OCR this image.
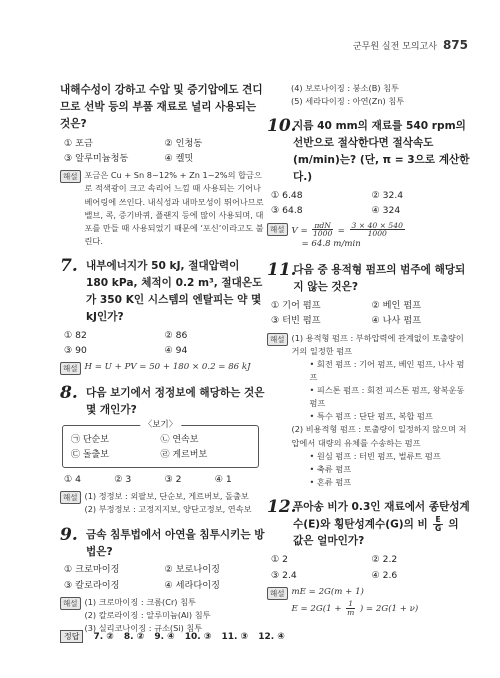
군무원 실전 모의고사 875
내해수성이 강하고 수압 및 증기압에도 견디므로 선박 등의 부품 재료로 널리 사용되는 것은?
① 포금	② 인청동
③ 알루미늄청동	④ 켈밋
해설 포금은 Cu + Sn 8~12% + Zn 1~2%의 합금으로 적색광이 크고 속리어 느낌 때 사용되는 기어나 베어링에 쓰인다. 내식성과 내마모성이 뛰어나므로 밸브, 콕, 증기바퀴, 플랜지 등에 많이 사용되며, 대포를 만들 때 사용되었기 때문에 ‘포신’이라고도 불린다.
7. 내부에너지가 50 kJ, 절대압력이 180 kPa, 체적이 0.2 m³, 절대온도가 350 K인 시스템의 엔탈피는 약 몇 kJ인가?
① 82	② 86
③ 90	④ 94
해설 H = U + PV = 50 + 180 × 0.2 = 86 kJ
8. 다음 보기에서 정정보에 해당하는 것은 몇 개인가?
〈보기〉
㉠ 단순보	㉡ 연속보
㉢ 돌출보	㉣ 게르버보
① 4	② 3	③ 2	④ 1
해설 (1) 정정보 : 외팔보, 단순보, 게르버보, 돌출보
(2) 부정정보 : 고정지지보, 양단고정보, 연속보
9. 금속 침투법에서 아연을 침투시키는 방법은?
① 크로마이징	② 보로나이징
③ 칼로라이징	④ 세라다이징
해설 (1) 크로마이징 : 크롬(Cr) 침투
(2) 칼로라이징 : 알루미늄(Al) 침투
(3) 실리코나이징 : 규소(Si) 침투
(4) 보로나이징 : 붕소(B) 침투
(5) 세라다이징 : 아연(Zn) 침투
10.
지름 40 mm의 재료를 540 rpm의 선반으로 절삭한다면 절삭속도(m/min)는? (단, π = 3으로 계산한다.)
① 6.48	② 32.4
③ 64.8	④ 324
해설 $V = \frac{\text{πdN}}{1000} = \frac{3 \times 40 \times 540}{1000}$
= 64.8 m/min
11.
다음 중 용적형 펌프의 범주에 해당되지 않는 것은?
① 기어 펌프	② 베인 펌프
③ 터빈 펌프	④ 나사 펌프
해설 (1) 용적형 펌프 : 부하압력에 관계없이 토출량이 거의 일정한 펌프
• 회전 펌프 : 기어 펌프, 베인 펌프, 나사 펌프
• 피스톤 펌프 : 회전 피스톤 펌프, 왕복운동 펌프
• 특수 펌프 : 단단 펌프, 복합 펌프
(2) 비용적형 펌프 : 토출량이 일정하지 않으며 저압에서 대량의 유체를 수송하는 펌프
• 원심 펌프 : 터빈 펌프, 벌류트 펌프
• 축류 펌프
• 혼류 펌프
12.
푸아송 비가 0.3인 재료에서 종탄성계수(E)와 횡탄성계수(G)의 비 $\frac{E}{G}$ 의 값은 얼마인가?
① 2	② 2.2
③ 2.4	④ 2.6
해설 mE = 2G(m + 1)
$E = 2G(1 + \frac{1}{m}$ ) = 2G(1 + ν)
정답	7. ② 8. ② 9. ④ 10. ③ 11. ③ 12. ④
